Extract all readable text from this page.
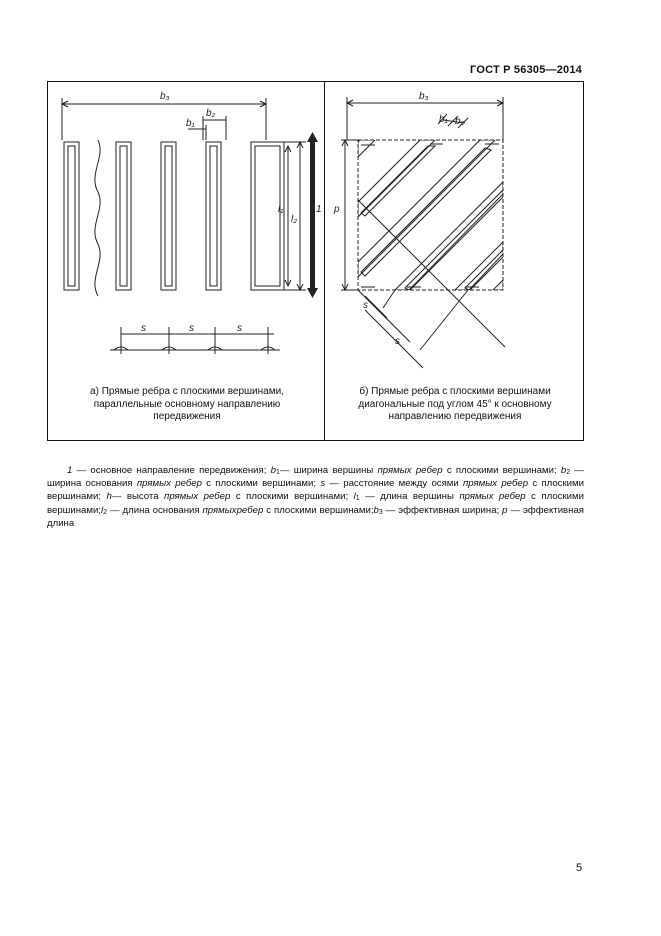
ГОСТ Р 56305—2014
b₃
b₂
b₁
l₁
l₂
1
s	s	s
b₃
b₁ b₂
p
s
s
а) Прямые ребра с плоскими вершинами,
параллельные основному направлению
передвижения
б) Прямые ребра с плоскими вершинами
диагональные под углом 45° к основному
направлению передвижения

1 — основное направление передвижения; $b_1—$ ширина вершины прямых ребер с плоскими вершинами; $b_2$ — ширина основания прямых ребер с плоскими вершинами; s — расстояние между осями прямых ребер с плоскими вершинами; h— высота прямых ребер с плоскими вершинами; $l_1$ — длина вершины прямых ребер с плоскими $вершинами;l_2$ — длина основания прямыхребер с плоскими $вершинами;b_3$ — эффективная ширина; p — эффективная длина

5
